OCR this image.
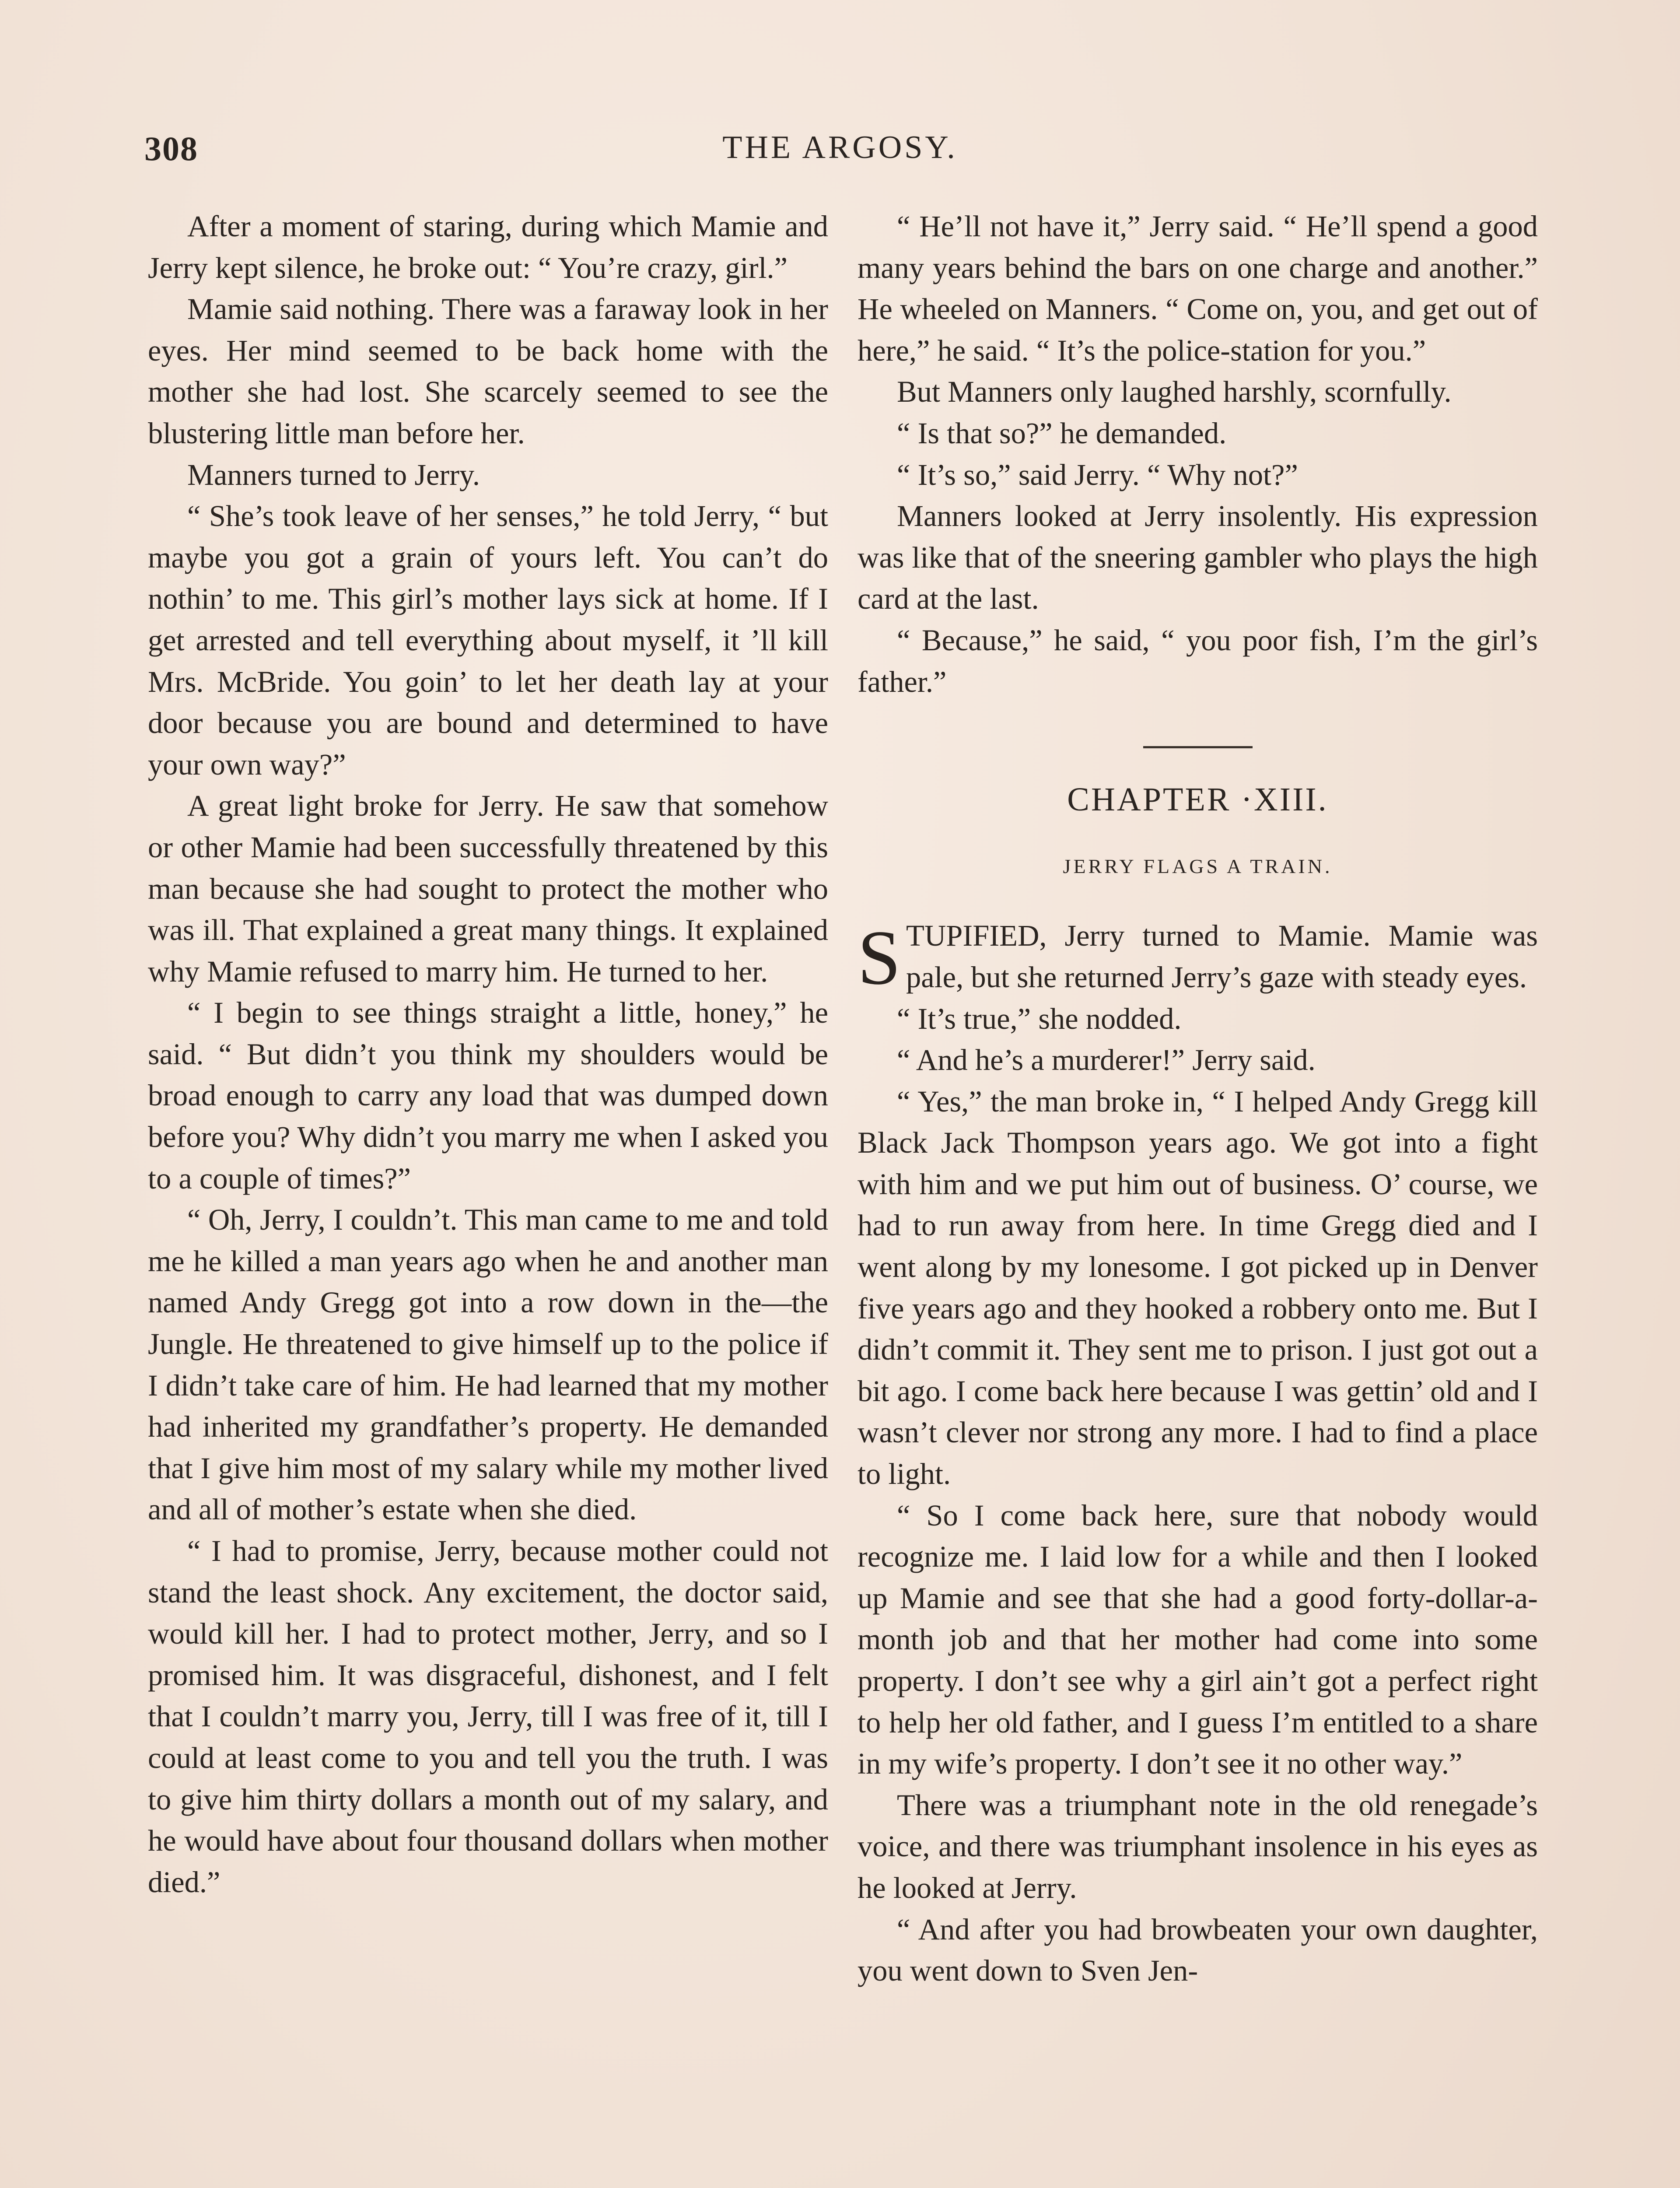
308	THE ARGOSY.

After a moment of staring, during which Mamie and Jerry kept silence, he broke out: “ You’re crazy, girl.”

Mamie said nothing. There was a faraway look in her eyes. Her mind seemed to be back home with the mother she had lost. She scarcely seemed to see the blustering little man before her.

Manners turned to Jerry.

“ She’s took leave of her senses,” he told Jerry, “ but maybe you got a grain of yours left. You can’t do nothin’ to me. This girl’s mother lays sick at home. If I get arrested and tell everything about myself, it ’ll kill Mrs. McBride. You goin’ to let her death lay at your door because you are bound and determined to have your own way?”

A great light broke for Jerry. He saw that somehow or other Mamie had been successfully threatened by this man because she had sought to protect the mother who was ill. That explained a great many things. It explained why Mamie refused to marry him. He turned to her.

“ I begin to see things straight a little, honey,” he said. “ But didn’t you think my shoulders would be broad enough to carry any load that was dumped down before you? Why didn’t you marry me when I asked you to a couple of times?”

“ Oh, Jerry, I couldn’t. This man came to me and told me he killed a man years ago when he and another man named Andy Gregg got into a row down in the—the Jungle. He threatened to give himself up to the police if I didn’t take care of him. He had learned that my mother had inherited my grandfather’s property. He demanded that I give him most of my salary while my mother lived and all of mother’s estate when she died.

“ I had to promise, Jerry, because mother could not stand the least shock. Any excitement, the doctor said, would kill her. I had to protect mother, Jerry, and so I promised him. It was disgraceful, dishonest, and I felt that I couldn’t marry you, Jerry, till I was free of it, till I could at least come to you and tell you the truth. I was to give him thirty dollars a month out of my salary, and he would have about four thousand dollars when mother died.”

“ He’ll not have it,” Jerry said. “ He’ll spend a good many years behind the bars on one charge and another.” He wheeled on Manners. “ Come on, you, and get out of here,” he said. “ It’s the police-station for you.”

But Manners only laughed harshly, scornfully.

“ Is that so?” he demanded.

“ It’s so,” said Jerry. “ Why not?”

Manners looked at Jerry insolently. His expression was like that of the sneering gambler who plays the high card at the last.

“ Because,” he said, “ you poor fish, I’m the girl’s father.”

CHAPTER ·XIII.
JERRY FLAGS A TRAIN.

STUPIFIED, Jerry turned to Mamie. Mamie was pale, but she returned Jerry’s gaze with steady eyes.

“ It’s true,” she nodded.

“ And he’s a murderer!” Jerry said.

“ Yes,” the man broke in, “ I helped Andy Gregg kill Black Jack Thompson years ago. We got into a fight with him and we put him out of business. O’ course, we had to run away from here. In time Gregg died and I went along by my lonesome. I got picked up in Denver five years ago and they hooked a robbery onto me. But I didn’t commit it. They sent me to prison. I just got out a bit ago. I come back here because I was gettin’ old and I wasn’t clever nor strong any more. I had to find a place to light.

“ So I come back here, sure that nobody would recognize me. I laid low for a while and then I looked up Mamie and see that she had a good forty-dollar-a-month job and that her mother had come into some property. I don’t see why a girl ain’t got a perfect right to help her old father, and I guess I’m entitled to a share in my wife’s property. I don’t see it no other way.”

There was a triumphant note in the old renegade’s voice, and there was triumphant insolence in his eyes as he looked at Jerry.

“ And after you had browbeaten your own daughter, you went down to Sven Jen-
